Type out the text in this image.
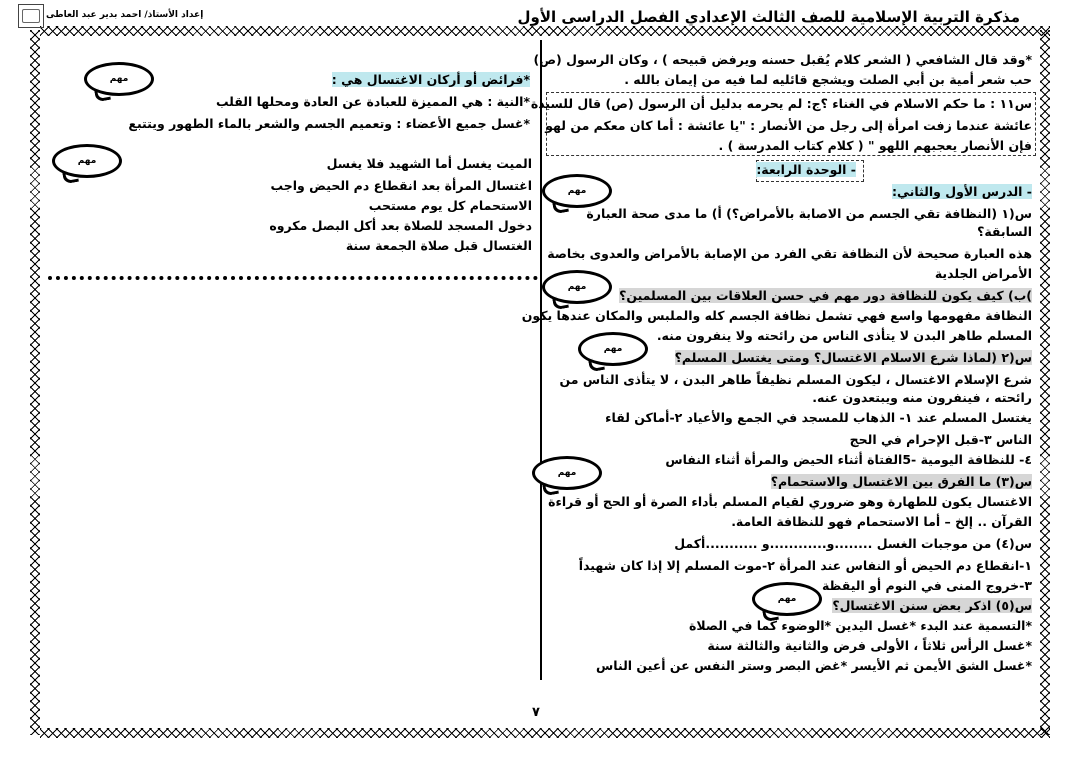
مذكرة التربية الإسلامية للصف الثالث الإعدادي الفصل الدراسى الأول
إعداد الأستاذ/ احمد بدير عبد العاطى
*فرائض أو أركان الاغتسال هي :
*النية : هي المميزة للعبادة عن العادة ومحلها القلب
*غسل جميع الأعضاء : وتعميم الجسم والشعر بالماء الطهور ويتتبع
الميت يغسل أما الشهيد فلا يغسل
اغتسال المرأة بعد انقطاع دم الحيض واجب
الاستحمام كل يوم مستحب
دخول المسجد للصلاة بعد أكل البصل مكروه
الغتسال قبل صلاة الجمعة سنة
مهم
مهم
*وقد قال الشافعي ( الشعر كلام يُقبل حسنه ويرفض قبيحه ) ، وكان الرسول (ص)
حب شعر أمية بن أبي الصلت ويشجع قائليه لما فيه من إيمان بالله .
س١١ : ما حكم الاسلام في الغناء ؟ج: لم يحرمه بدليل أن الرسول (ص) قال للسيدة
عائشة عندما زفت امرأة إلى رجل من الأنصار : "يا عائشة : أما كان معكم من لهو
فإن الأنصار يعجبهم اللهو " ( كلام كتاب المدرسة ) .
- الوحدة الرابعة:
- الدرس الأول والثاني:
س(١ (النظافة تقي الجسم من الاصابة بالأمراض؟) أ) ما مدى صحة العبارة
السابقة؟
هذه العبارة صحيحة لأن النظافة تقي الفرد من الإصابة بالأمراض والعدوى بخاصة
الأمراض الجلدية
)ب) كيف يكون للنظافة دور مهم في حسن العلاقات بين المسلمين؟
النظافة مفهومها واسع فهي تشمل نظافة الجسم كله والملبس والمكان عندها يكون
المسلم طاهر البدن لا يتأذى الناس من رائحته ولا ينفرون منه.
س(٢ (لماذا شرع الاسلام الاغتسال؟ ومتى يغتسل المسلم؟
شرع الإسلام الاغتسال ، ليكون المسلم نظيفاً طاهر البدن ، لا يتأذى الناس من
رائحته ، فينفرون منه ويبتعدون عنه.
يغتسل المسلم عند ١- الذهاب للمسجد في الجمع والأعياد ٢-أماكن لقاء
الناس ٣-قبل الإحرام في الحج
٤- للنظافة اليومية -5الفتاة أثناء الحيض والمرأة أثناء النفاس
س(٣) ما الفرق بين الاغتسال والاستحمام؟
الاغتسال يكون للطهارة وهو ضروري لقيام المسلم بأداء الصرة أو الحج أو قراءة
القرآن .. إلخ – أما الاستحمام فهو للنظافة العامة.
س(٤) من موجبات الغسل ........و............و ...........أكمل
١-انقطاع دم الحيض أو النفاس عند المرأة ٢-موت المسلم إلا إذا كان شهيداً
٣-خروج المنى في النوم أو اليقظة
س(٥) اذكر بعض سنن الاغتسال؟
*التسمية عند البدء *غسل اليدين *الوضوء كما في الصلاة
*غسل الرأس ثلاثاً ، الأولى فرض والثانية والثالثة سنة
*غسل الشق الأيمن ثم الأيسر *غض البصر وستر النفس عن أعين الناس
مهم
مهم
مهم
مهم
مهم
٧
